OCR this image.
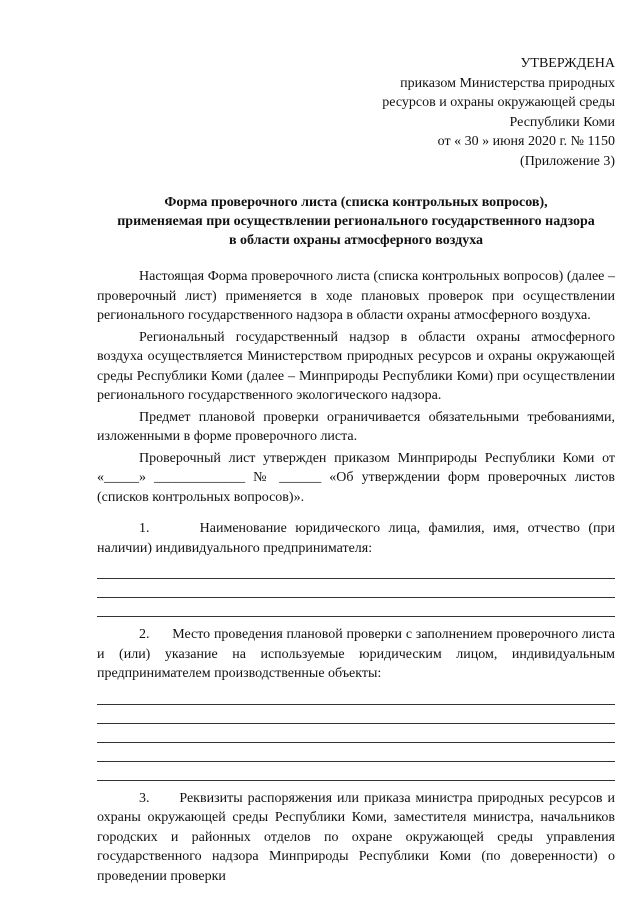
УТВЕРЖДЕНА
приказом Министерства природных
ресурсов и охраны окружающей среды
Республики Коми
от « 30 » июня 2020 г. № 1150
(Приложение 3)
Форма проверочного листа (списка контрольных вопросов),
применяемая при осуществлении регионального государственного надзора
в области охраны атмосферного воздуха

Настоящая Форма проверочного листа (списка контрольных вопросов) (далее – проверочный лист) применяется в ходе плановых проверок при осуществлении регионального государственного надзора в области охраны атмосферного воздуха.

Региональный государственный надзор в области охраны атмосферного воздуха осуществляется Министерством природных ресурсов и охраны окружающей среды Республики Коми (далее – Минприроды Республики Коми) при осуществлении регионального государственного экологического надзора.

Предмет плановой проверки ограничивается обязательными требованиями, изложенными в форме проверочного листа.

Проверочный лист утвержден приказом Минприроды Республики Коми от «_____» _____________ № ______ «Об утверждении форм проверочных листов (списков контрольных вопросов)».

1.      Наименование юридического лица, фамилия, имя, отчество (при наличии) индивидуального предпринимателя:

2.      Место проведения плановой проверки с заполнением проверочного листа и (или) указание на используемые юридическим лицом, индивидуальным предпринимателем производственные объекты:

3.      Реквизиты распоряжения или приказа министра природных ресурсов и охраны окружающей среды Республики Коми, заместителя министра, начальников городских и районных отделов по охране окружающей среды управления государственного надзора Минприроды Республики Коми (по доверенности) о проведении проверки
